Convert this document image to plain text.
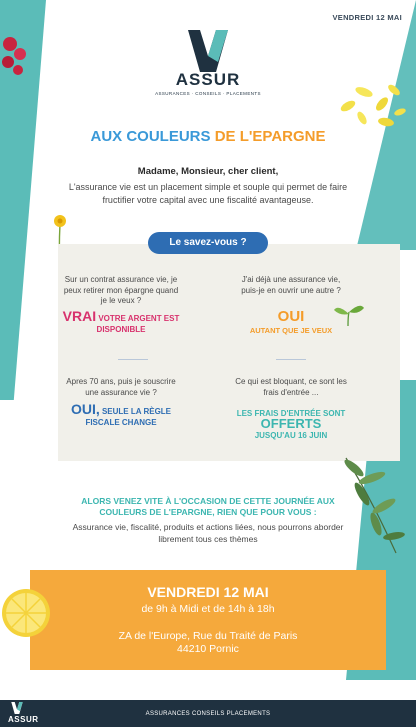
VENDREDI 12 MAI
ASSUR
ASSURANCES · CONSEILS · PLACEMENTS
AUX COULEURS DE L'EPARGNE
Madame, Monsieur, cher client,
L'assurance vie est un placement simple et souple qui permet de faire fructifier votre capital avec une fiscalité avantageuse.
Le savez-vous ?
Sur un contrat assurance vie, je peux retirer mon épargne quand je le veux ?
VRAI VOTRE ARGENT EST DISPONIBLE
J'ai déjà une assurance vie, puis-je en ouvrir une autre ?
OUI
AUTANT QUE JE VEUX
Apres 70 ans, puis je souscrire une assurance vie ?
OUI, SEULE LA RÈGLE FISCALE CHANGE
Ce qui est bloquant, ce sont les frais d'entrée ...
LES FRAIS D'ENTRÉE SONT OFFERTS
JUSQU'AU 16 JUIN
ALORS VENEZ VITE À L'OCCASION DE CETTE JOURNÉE AUX COULEURS DE L'EPARGNE, RIEN QUE POUR VOUS :
Assurance vie, fiscalité, produits et actions liées, nous pourrons aborder librement tous ces thèmes
VENDREDI 12 MAI
de 9h à Midi et de 14h à 18h
ZA de l'Europe, Rue du Traité de Paris
44210 Pornic
ASSUR
ASSURANCES CONSEILS PLACEMENTS
